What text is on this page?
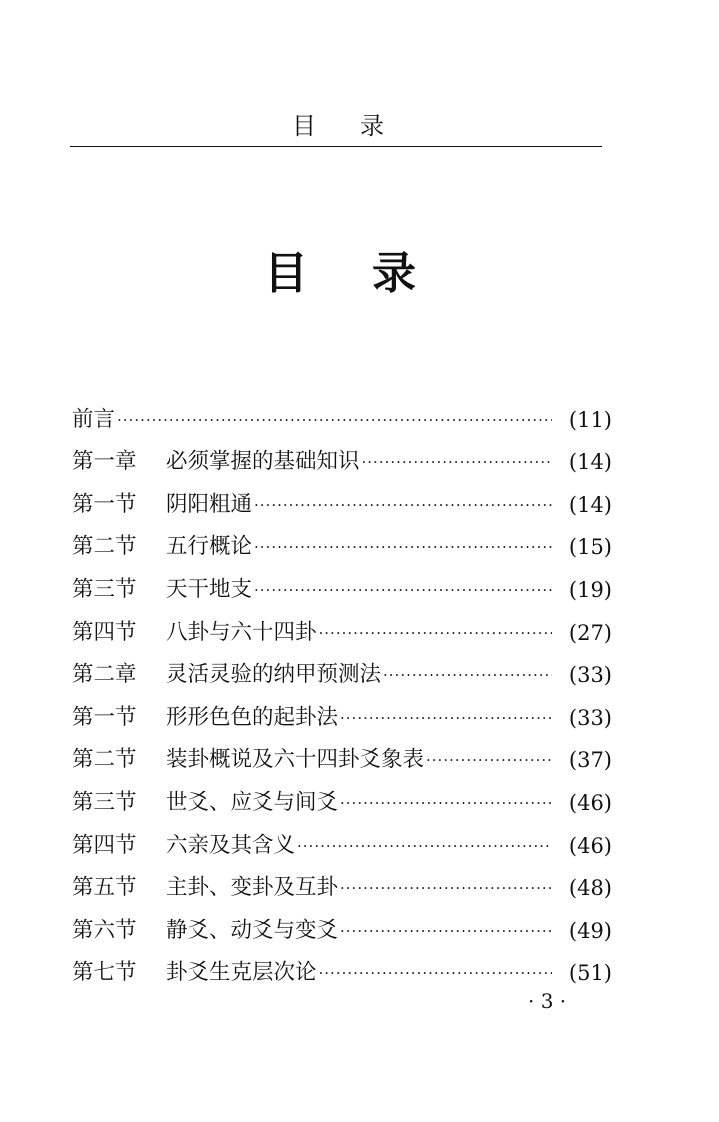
目 录
目 录
前言 ·····	(11)
第一章	必须掌握的基础知识 ·····	(14)
第一节	阴阳粗通 ·····	(14)
第二节	五行概论 ·····	(15)
第三节	天干地支 ·····	(19)
第四节	八卦与六十四卦 ·····	(27)
第二章	灵活灵验的纳甲预测法 ·····	(33)
第一节	形形色色的起卦法 ·····	(33)
第二节	装卦概说及六十四卦爻象表 ·····	(37)
第三节	世爻、应爻与间爻 ·····	(46)
第四节	六亲及其含义 ·····	(46)
第五节	主卦、变卦及互卦 ·····	(48)
第六节	静爻、动爻与变爻 ·····	(49)
第七节	卦爻生克层次论 ·····	(51)
· 3 ·
